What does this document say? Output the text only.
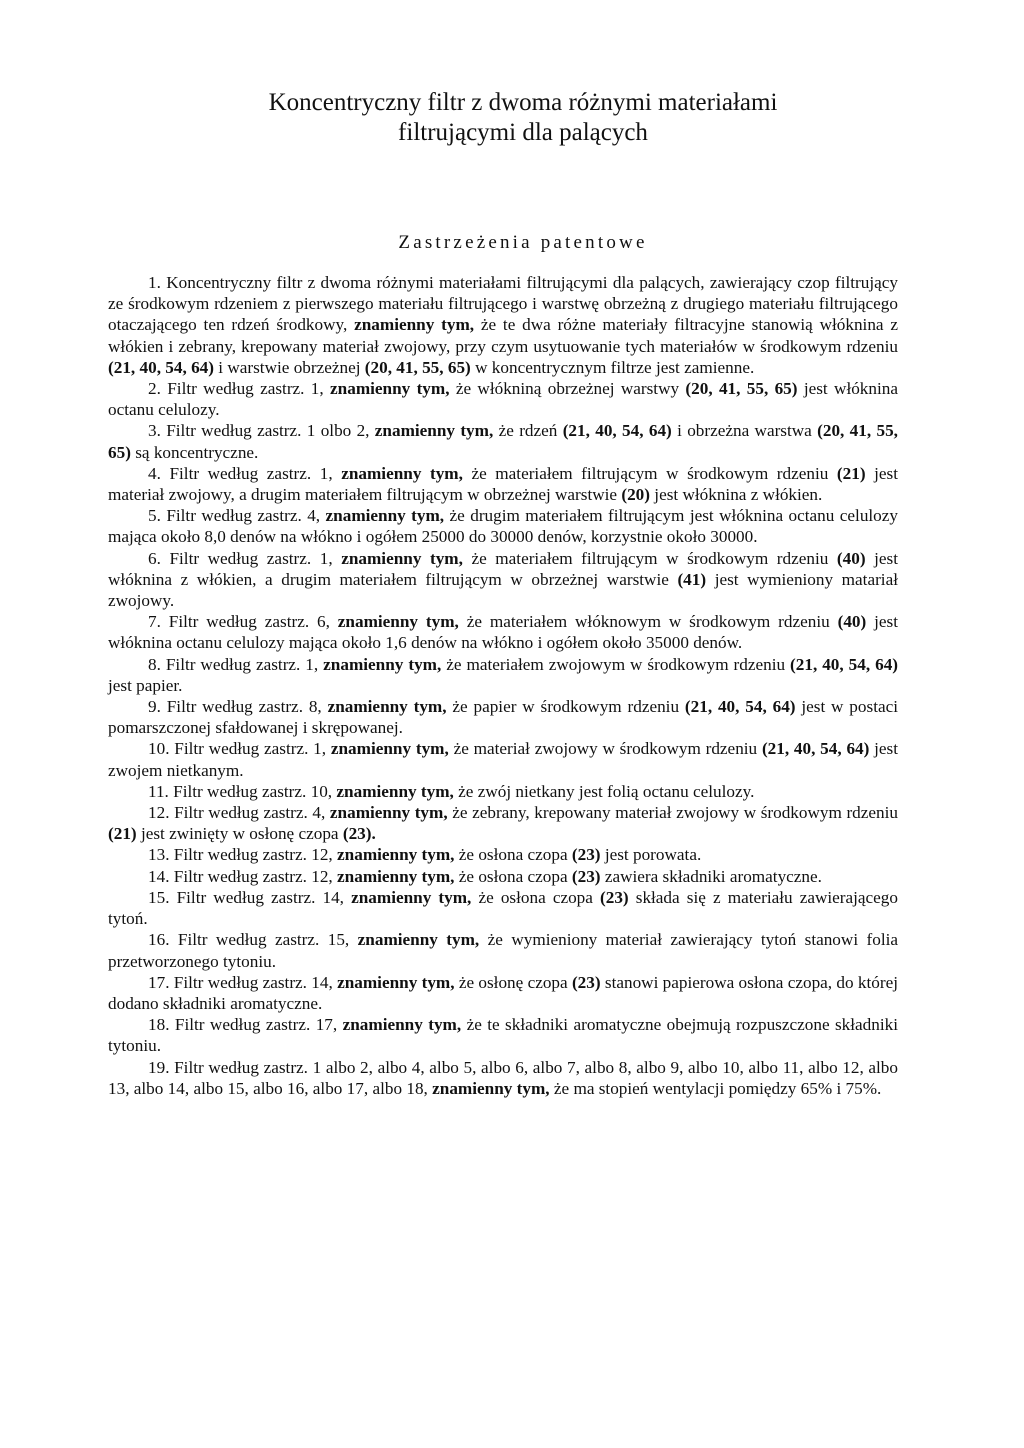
Koncentryczny filtr z dwoma różnymi materiałami
filtrującymi dla palących
Zastrzeżenia patentowe

1. Koncentryczny filtr z dwoma różnymi materiałami filtrującymi dla palących, zawierający czop filtrujący ze środkowym rdzeniem z pierwszego materiału filtrującego i warstwę obrzeżną z drugiego materiału filtrującego otaczającego ten rdzeń środkowy, znamienny tym, że te dwa różne materiały filtracyjne stanowią włóknina z włókien i zebrany, krepowany materiał zwojowy, przy czym usytuowanie tych materiałów w środkowym rdzeniu (21, 40, 54, 64) i warstwie obrzeżnej (20, 41, 55, 65) w koncentrycznym filtrze jest zamienne.

2. Filtr według zastrz. 1, znamienny tym, że włókniną obrzeżnej warstwy (20, 41, 55, 65) jest włóknina octanu celulozy.

3. Filtr według zastrz. 1 olbo 2, znamienny tym, że rdzeń (21, 40, 54, 64) i obrzeżna warstwa (20, 41, 55, 65) są koncentryczne.

4. Filtr według zastrz. 1, znamienny tym, że materiałem filtrującym w środkowym rdzeniu (21) jest materiał zwojowy, a drugim materiałem filtrującym w obrzeżnej warstwie (20) jest włóknina z włókien.

5. Filtr według zastrz. 4, znamienny tym, że drugim materiałem filtrującym jest włóknina octanu celulozy mająca około 8,0 denów na włókno i ogółem 25000 do 30000 denów, korzystnie około 30000.

6. Filtr według zastrz. 1, znamienny tym, że materiałem filtrującym w środkowym rdzeniu (40) jest włóknina z włókien, a drugim materiałem filtrującym w obrzeżnej warstwie (41) jest wymieniony matariał zwojowy.

7. Filtr według zastrz. 6, znamienny tym, że materiałem włóknowym w środkowym rdzeniu (40) jest włóknina octanu celulozy mająca około 1,6 denów na włókno i ogółem około 35000 denów.

8. Filtr według zastrz. 1, znamienny tym, że materiałem zwojowym w środkowym rdzeniu (21, 40, 54, 64) jest papier.

9. Filtr według zastrz. 8, znamienny tym, że papier w środkowym rdzeniu (21, 40, 54, 64) jest w postaci pomarszczonej sfałdowanej i skrępowanej.

10. Filtr według zastrz. 1, znamienny tym, że materiał zwojowy w środkowym rdzeniu (21, 40, 54, 64) jest zwojem nietkanym.

11. Filtr według zastrz. 10, znamienny tym, że zwój nietkany jest folią octanu celulozy.

12. Filtr według zastrz. 4, znamienny tym, że zebrany, krepowany materiał zwojowy w środkowym rdzeniu (21) jest zwinięty w osłonę czopa (23).

13. Filtr według zastrz. 12, znamienny tym, że osłona czopa (23) jest porowata.

14. Filtr według zastrz. 12, znamienny tym, że osłona czopa (23) zawiera składniki aromatyczne.

15. Filtr według zastrz. 14, znamienny tym, że osłona czopa (23) składa się z materiału zawierającego tytoń.

16. Filtr według zastrz. 15, znamienny tym, że wymieniony materiał zawierający tytoń stanowi folia przetworzonego tytoniu.

17. Filtr według zastrz. 14, znamienny tym, że osłonę czopa (23) stanowi papierowa osłona czopa, do której dodano składniki aromatyczne.

18. Filtr według zastrz. 17, znamienny tym, że te składniki aromatyczne obejmują rozpuszczone składniki tytoniu.

19. Filtr według zastrz. 1 albo 2, albo 4, albo 5, albo 6, albo 7, albo 8, albo 9, albo 10, albo 11, albo 12, albo 13, albo 14, albo 15, albo 16, albo 17, albo 18, znamienny tym, że ma stopień wentylacji pomiędzy 65% i 75%.
